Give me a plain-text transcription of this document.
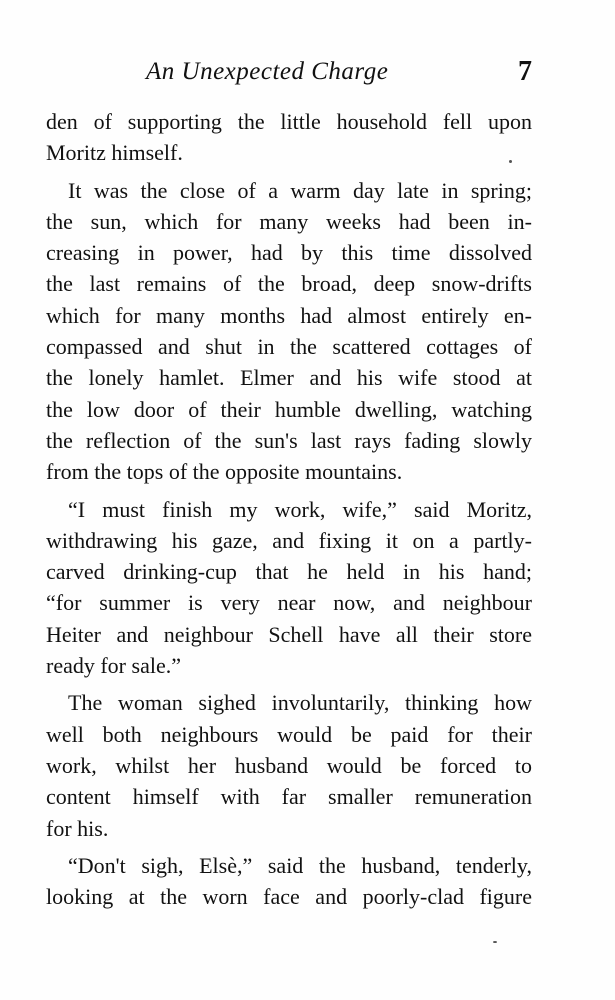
An Unexpected Charge	7
den of supporting the little household fell upon
Moritz himself.
It was the close of a warm day late in spring;
the sun, which for many weeks had been in-
creasing in power, had by this time dissolved
the last remains of the broad, deep snow-drifts
which for many months had almost entirely en-
compassed and shut in the scattered cottages of
the lonely hamlet. Elmer and his wife stood at
the low door of their humble dwelling, watching
the reflection of the sun's last rays fading slowly
from the tops of the opposite mountains.
“I must finish my work, wife,” said Moritz,
withdrawing his gaze, and fixing it on a partly-
carved drinking-cup that he held in his hand;
“for summer is very near now, and neighbour
Heiter and neighbour Schell have all their store
ready for sale.”
The woman sighed involuntarily, thinking how
well both neighbours would be paid for their
work, whilst her husband would be forced to
content himself with far smaller remuneration
for his.
“Don't sigh, Elsè,” said the husband, tenderly,
looking at the worn face and poorly-clad figure
